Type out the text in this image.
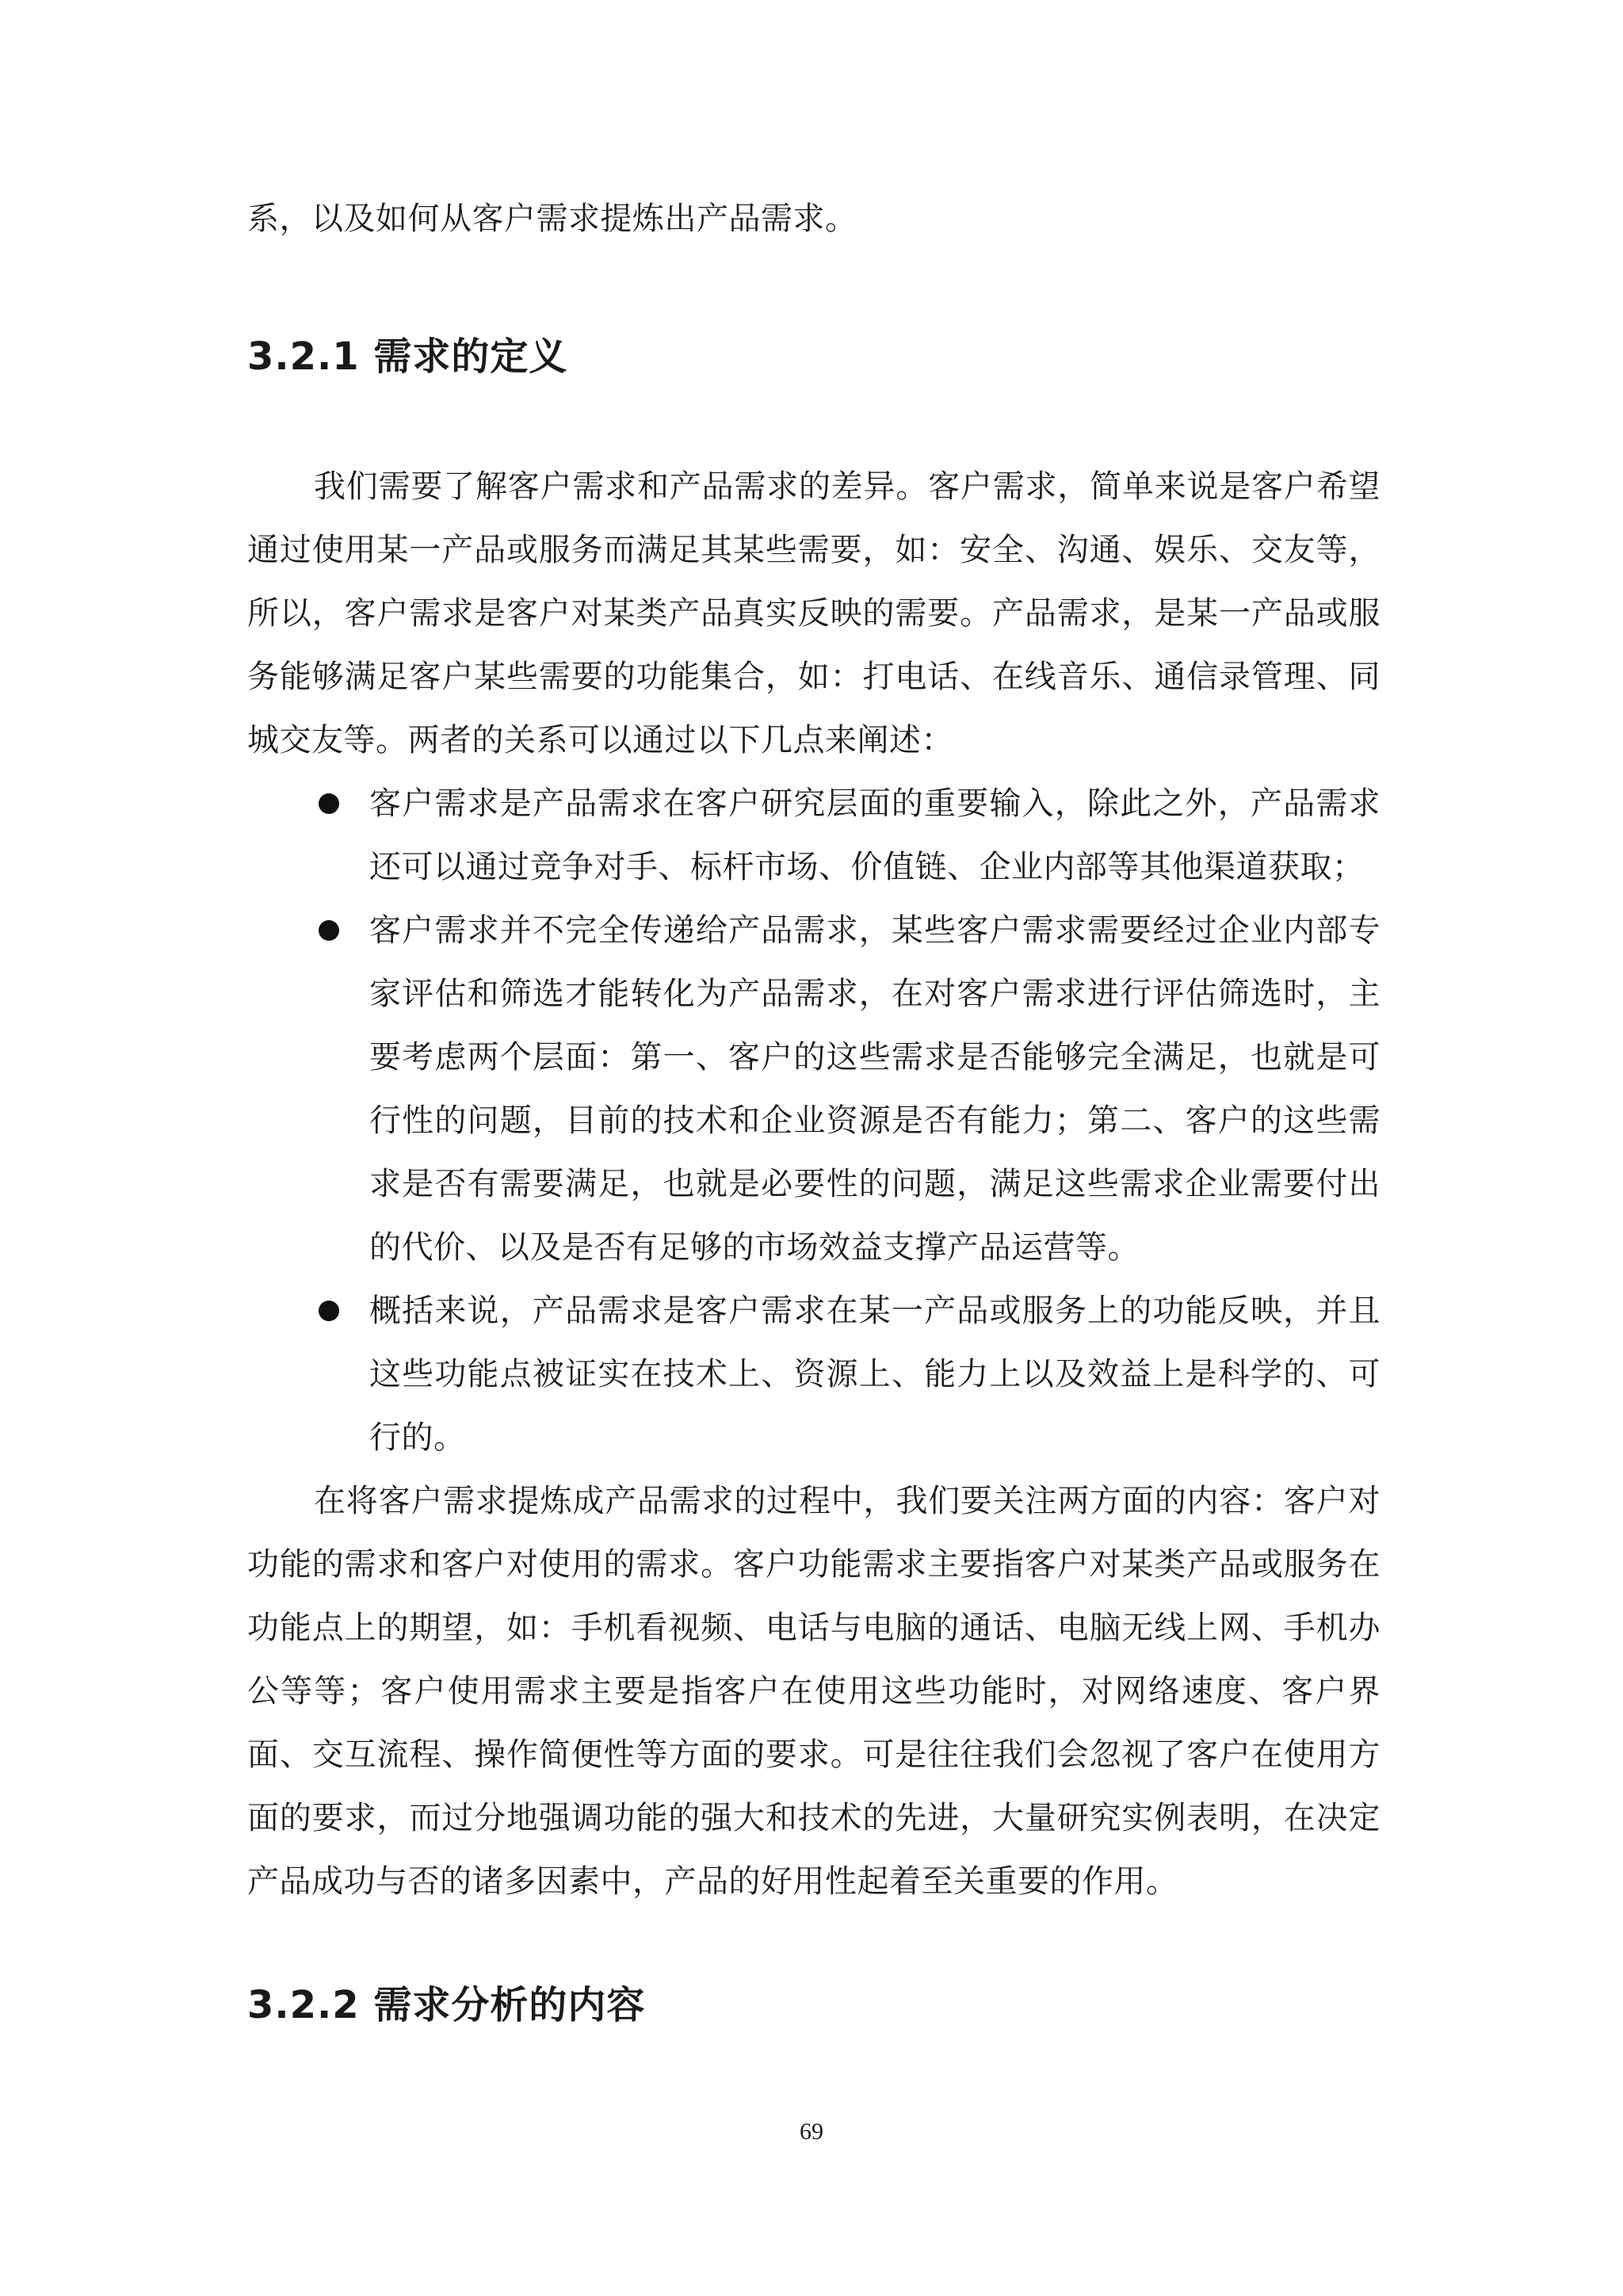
系，以及如何从客户需求提炼出产品需求。

3.2.1 需求的定义

我们需要了解客户需求和产品需求的差异。客户需求，简单来说是客户希望通过使用某一产品或服务而满足其某些需要，如：安全、沟通、娱乐、交友等，所以，客户需求是客户对某类产品真实反映的需要。产品需求，是某一产品或服务能够满足客户某些需要的功能集合，如：打电话、在线音乐、通信录管理、同城交友等。两者的关系可以通过以下几点来阐述：

客户需求是产品需求在客户研究层面的重要输入，除此之外，产品需求还可以通过竞争对手、标杆市场、价值链、企业内部等其他渠道获取；
客户需求并不完全传递给产品需求，某些客户需求需要经过企业内部专家评估和筛选才能转化为产品需求，在对客户需求进行评估筛选时，主要考虑两个层面：第一、客户的这些需求是否能够完全满足，也就是可行性的问题，目前的技术和企业资源是否有能力；第二、客户的这些需求是否有需要满足，也就是必要性的问题，满足这些需求企业需要付出的代价、以及是否有足够的市场效益支撑产品运营等。
概括来说，产品需求是客户需求在某一产品或服务上的功能反映，并且这些功能点被证实在技术上、资源上、能力上以及效益上是科学的、可行的。

在将客户需求提炼成产品需求的过程中，我们要关注两方面的内容：客户对功能的需求和客户对使用的需求。客户功能需求主要指客户对某类产品或服务在功能点上的期望，如：手机看视频、电话与电脑的通话、电脑无线上网、手机办公等等；客户使用需求主要是指客户在使用这些功能时，对网络速度、客户界面、交互流程、操作简便性等方面的要求。可是往往我们会忽视了客户在使用方面的要求，而过分地强调功能的强大和技术的先进，大量研究实例表明，在决定产品成功与否的诸多因素中，产品的好用性起着至关重要的作用。

3.2.2 需求分析的内容
69
